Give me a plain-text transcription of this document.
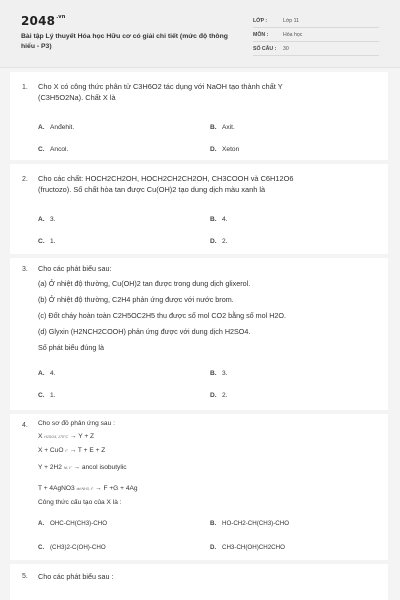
$2048^{.vn}$
Bài tập Lý thuyết Hóa học Hữu cơ có giải chi tiết (mức độ thông hiểu - P3)
LỚP :	Lớp 11
MÔN :	Hóa học
SỐ CÂU :	30
1. Cho X có công thức phân tử C3H6O2 tác dụng với NaOH tạo thành chất Y
(C3H5O2Na). Chất X là
A. Anđehit.	B. Axit.
C. Ancol.	D. Xeton
2. Cho các chất: HOCH2CH2OH, HOCH2CH2CH2OH, CH3COOH và C6H12O6
(fructozo). Số chất hòa tan được Cu(OH)2 tạo dung dịch màu xanh là
A. 3.	B. 4.
C. 1.	D. 2.
3. Cho các phát biểu sau:
(a) Ở nhiệt độ thường, Cu(OH)2 tan được trong dung dịch glixerol.
(b) Ở nhiệt độ thường, C2H4 phản ứng được với nước brom.
(c) Đốt cháy hoàn toàn C2H5OC2H5 thu được số mol CO2 bằng số mol H2O.
(d) Glyxin (H2NCH2COOH) phản ứng được với dung dịch H2SO4.
Số phát biểu đúng là
A. 4.	B. 3.
C. 1.	D. 2.
4. Cho sơ đồ phản ứng sau :
X H2SO4, 170°C → Y + Z
X + CuO t° → T + E + Z
Y + 2H2 Ni, t° → ancol isobutylic
T + 4AgNO3 dd NH3, t° → F +G + 4Ag
Công thức cấu tạo của X là :
A. OHC-CH(CH3)-CHO	B. HO-CH2-CH(CH3)-CHO
C. (CH3)2-C(OH)-CHO	D. CH3-CH(OH)CH2CHO
5. Cho các phát biểu sau :
